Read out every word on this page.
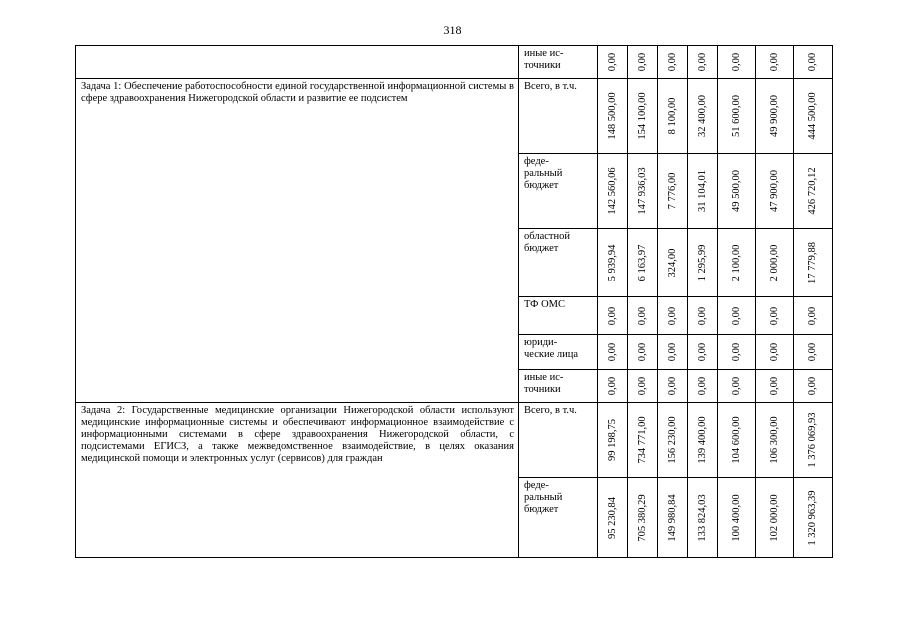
318

	иные ис-
точники	0,00	0,00	0,00	0,00	0,00	0,00	0,00

Задача 1: Обеспечение работоспособности единой государственной информационной системы в сфере здравоохранения Нижегородской области и развитие ее подсистем	Всего, в т.ч.	148 500,00	154 100,00	8 100,00	32 400,00	51 600,00	49 900,00	444 500,00

	феде-
ральный
бюджет	142 560,06	147 936,03	7 776,00	31 104,01	49 500,00	47 900,00	426 720,12

	областной
бюджет	5 939,94	6 163,97	324,00	1 295,99	2 100,00	2 000,00	17 779,88

	ТФ ОМС	0,00	0,00	0,00	0,00	0,00	0,00	0,00

	юриди-
ческие лица	0,00	0,00	0,00	0,00	0,00	0,00	0,00

	иные ис-
точники	0,00	0,00	0,00	0,00	0,00	0,00	0,00

Задача 2: Государственные медицинские организации Нижегородской области используют медицинские информационные системы и обеспечивают информационное взаимодействие с информационными системами в сфере здравоохранения Нижегородской области, с подсистемами ЕГИСЗ, а также межведомственное взаимодействие, в целях оказания медицинской помощи и электронных услуг (сервисов) для граждан	Всего, в т.ч.	99 198,75	734 771,00	156 230,00	139 400,00	104 600,00	106 300,00	1 376 069,93

	феде-
ральный
бюджет	95 230,84	705 380,29	149 980,84	133 824,03	100 400,00	102 000,00	1 320 963,39
